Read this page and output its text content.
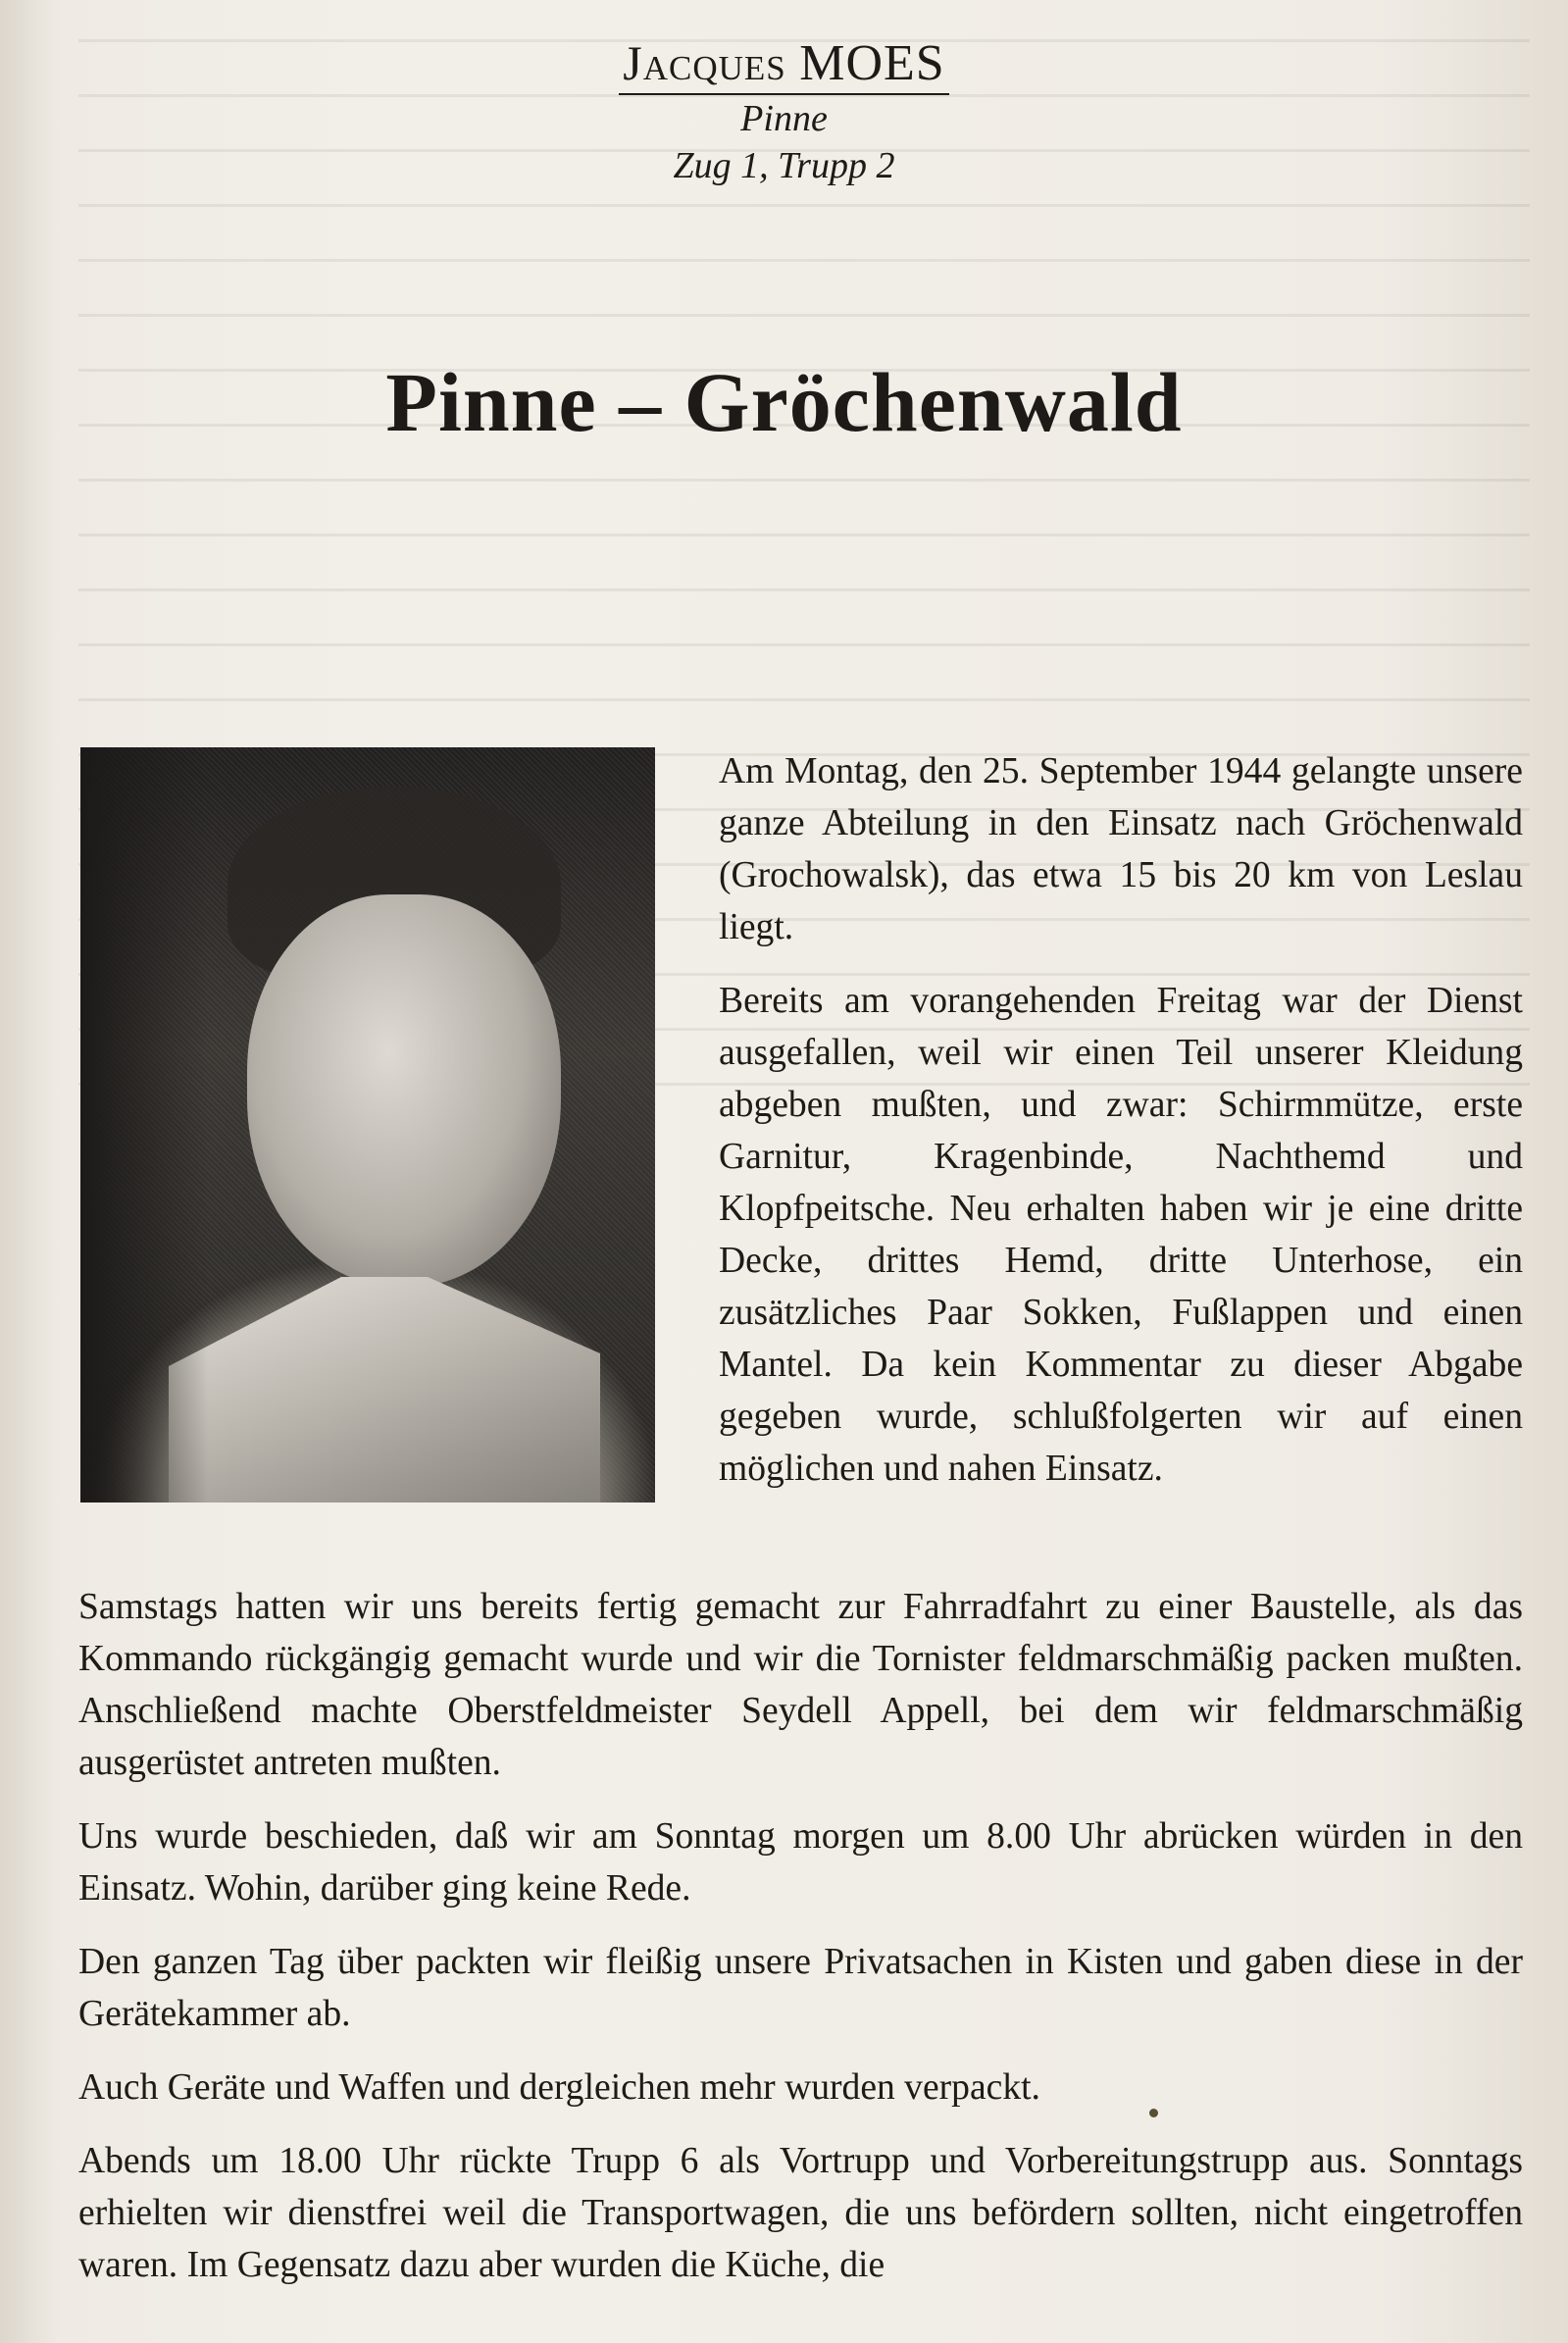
Jacques MOES
Pinne
Zug 1, Trupp 2
Pinne – Gröchenwald

Am Montag, den 25. September 1944 gelangte unsere ganze Abteilung in den Einsatz nach Gröchenwald (Grochowalsk), das etwa 15 bis 20 km von Leslau liegt.

Bereits am vorangehenden Freitag war der Dienst ausgefallen, weil wir einen Teil unserer Kleidung abgeben mußten, und zwar: Schirmmütze, erste Garnitur, Kragenbinde, Nachthemd und Klopfpeitsche. Neu erhalten haben wir je eine dritte Decke, drittes Hemd, dritte Unterhose, ein zusätzliches Paar Sokken, Fußlappen und einen Mantel. Da kein Kommentar zu dieser Abgabe gegeben wurde, schlußfolgerten wir auf einen möglichen und nahen Einsatz.

Samstags hatten wir uns bereits fertig gemacht zur Fahrradfahrt zu einer Baustelle, als das Kommando rückgängig gemacht wurde und wir die Tornister feldmarschmäßig packen mußten. Anschließend machte Oberstfeldmeister Seydell Appell, bei dem wir feldmarschmäßig ausgerüstet antreten mußten.

Uns wurde beschieden, daß wir am Sonntag morgen um 8.00 Uhr abrücken würden in den Einsatz. Wohin, darüber ging keine Rede.

Den ganzen Tag über packten wir fleißig unsere Privatsachen in Kisten und gaben diese in der Gerätekammer ab.

Auch Geräte und Waffen und dergleichen mehr wurden verpackt.

Abends um 18.00 Uhr rückte Trupp 6 als Vortrupp und Vorbereitungstrupp aus. Sonntags erhielten wir dienstfrei weil die Transportwagen, die uns befördern sollten, nicht eingetroffen waren. Im Gegensatz dazu aber wurden die Küche, die
